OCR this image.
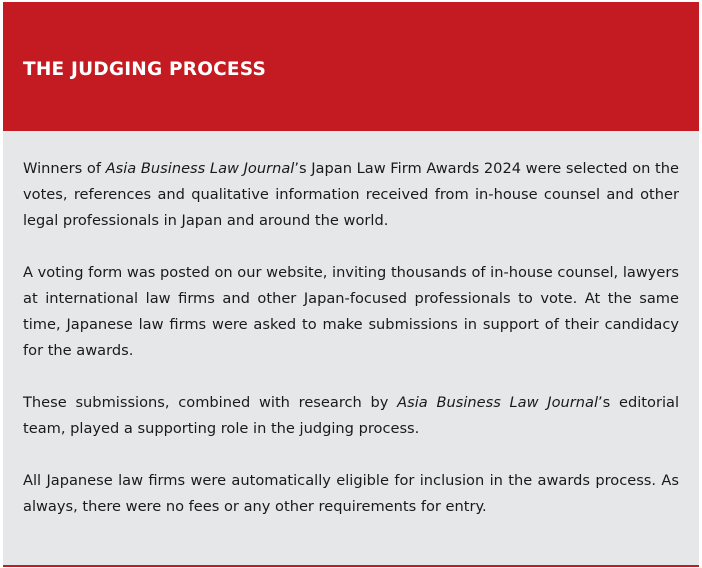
THE JUDGING PROCESS

Winners of Asia Business Law Journal’s Japan Law Firm Awards 2024 were selected on the votes, references and qualitative information received from in-house counsel and other legal professionals in Japan and around the world.

A voting form was posted on our website, inviting thousands of in-house counsel, lawyers at international law firms and other Japan-focused professionals to vote. At the same time, Japanese law firms were asked to make submissions in support of their candidacy for the awards.

These submissions, combined with research by Asia Business Law Journal’s editorial team, played a supporting role in the judging process.

All Japanese law firms were automatically eligible for inclusion in the awards process. As always, there were no fees or any other requirements for entry.
